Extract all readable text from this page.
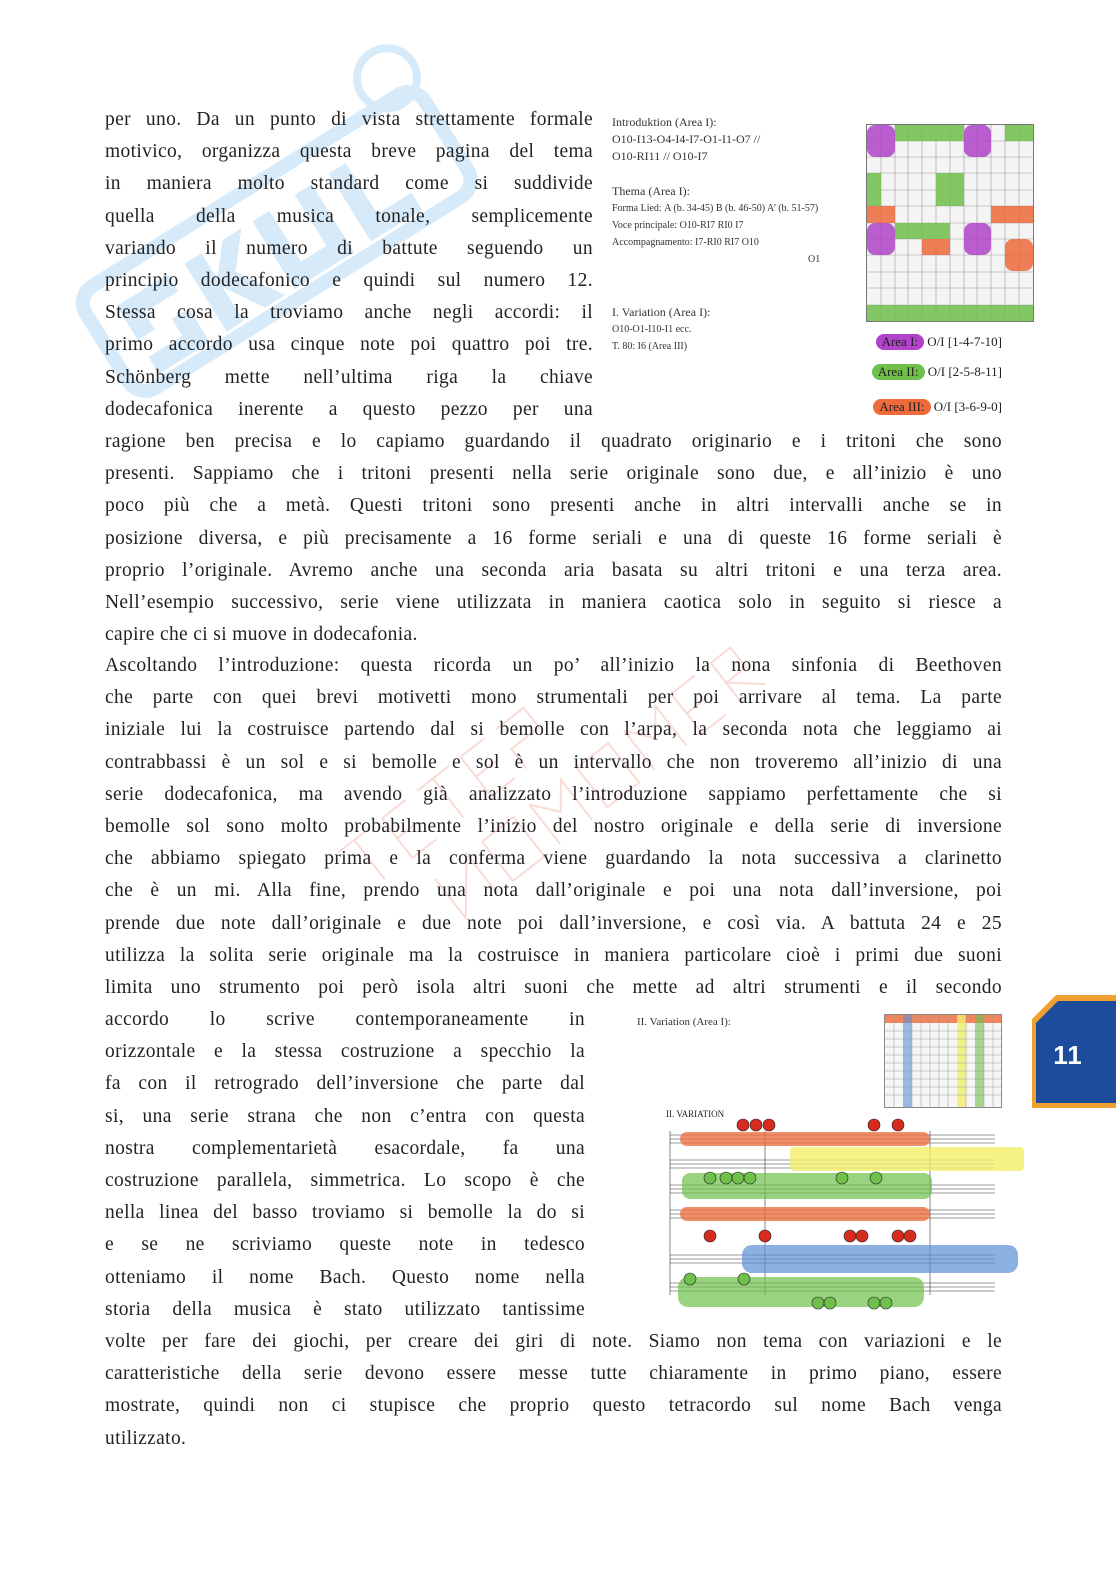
per uno. Da un punto di vista strettamente formale
motivico, organizza questa breve pagina del tema
in maniera molto standard come si suddivide
quella della musica tonale, semplicemente
variando il numero di battute seguendo un
principio dodecafonico e quindi sul numero 12.
Stessa cosa la troviamo anche negli accordi: il
primo accordo usa cinque note poi quattro poi tre.
Schönberg mette nell’ultima riga la chiave
dodecafonica inerente a questo pezzo per una
ragione ben precisa e lo capiamo guardando il quadrato originario e i tritoni che sono
presenti. Sappiamo che i tritoni presenti nella serie originale sono due, e all’inizio è uno
poco più che a metà. Questi tritoni sono presenti anche in altri intervalli anche se in
posizione diversa, e più precisamente a 16 forme seriali e una di queste 16 forme seriali è
proprio l’originale. Avremo anche una seconda aria basata su altri tritoni e una terza area.
Nell’esempio successivo, serie viene utilizzata in maniera caotica solo in seguito si riesce a
capire che ci si muove in dodecafonia.
Ascoltando l’introduzione: questa ricorda un po’ all’inizio la nona sinfonia di Beethoven
che parte con quei brevi motivetti mono strumentali per poi arrivare al tema. La parte
iniziale lui la costruisce partendo dal si bemolle con l’arpa, la seconda nota che leggiamo ai
contrabbassi è un sol e si bemolle e sol è un intervallo che non troveremo all’inizio di una
serie dodecafonica, ma avendo già analizzato l’introduzione sappiamo perfettamente che si
bemolle sol sono molto probabilmente l’inizio del nostro originale e della serie di inversione
che abbiamo spiegato prima e la conferma viene guardando la nota successiva a clarinetto
che è un mi. Alla fine, prendo una nota dall’originale e poi una nota dall’inversione, poi
prende due note dall’originale e due note poi dall’inversione, e così via. A battuta 24 e 25
utilizza la solita serie originale ma la costruisce in maniera particolare cioè i primi due suoni
limita uno strumento poi però isola altri suoni che mette ad altri strumenti e il secondo
accordo lo scrive contemporaneamente in
orizzontale e la stessa costruzione a specchio la
fa con il retrogrado dell’inversione che parte dal
si, una serie strana che non c’entra con questa
nostra complementarietà esacordale, fa una
costruzione parallela, simmetrica. Lo scopo è che
nella linea del basso troviamo si bemolle la do si
e se ne scriviamo queste note in tedesco
otteniamo il nome Bach. Questo nome nella
storia della musica è stato utilizzato tantissime
volte per fare dei giochi, per creare dei giri di note. Siamo non tema con variazioni e le
caratteristiche della serie devono essere messe tutte chiaramente in primo piano, essere
mostrate, quindi non ci stupisce che proprio questo tetracordo sul nome Bach venga
utilizzato.
Introduktion (Area I):
O10-I13-O4-I4-I7-O1-I1-O7 //
O10-RI11 // O10-I7
Thema (Area I):
Forma Lied: A (b. 34-45) B (b. 46-50) A’ (b. 51-57)
Voce principale: O10-RI7 RI0 I7
Accompagnamento: I7-RI0 RI7 O10
O1
I. Variation (Area I):
O10-O1-I10-I1 ecc.
T. 80: I6 (Area III)	Area I: O/I [1-4-7-10]
Area II: O/I [2-5-8-11]
Area III: O/I [3-6-9-0]
II. Variation (Area I):
II. VARIATION
11
